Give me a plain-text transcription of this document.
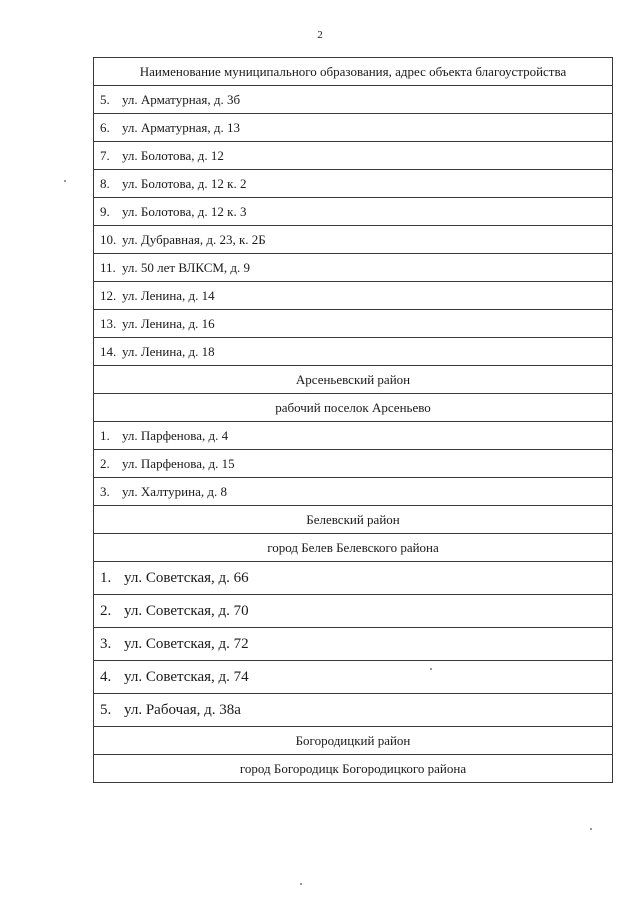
2
Наименование муниципального образования, адрес объекта благоустройства
5. ул. Арматурная, д. 3б
6. ул. Арматурная, д. 13
7. ул. Болотова, д. 12
8. ул. Болотова, д. 12 к. 2
9. ул. Болотова, д. 12 к. 3
10. ул. Дубравная, д. 23, к. 2Б
11. ул. 50 лет ВЛКСМ, д. 9
12. ул. Ленина, д. 14
13. ул. Ленина, д. 16
14. ул. Ленина, д. 18
Арсеньевский район
рабочий поселок Арсеньево
1. ул. Парфенова, д. 4
2. ул. Парфенова, д. 15
3. ул. Халтурина, д. 8
Белевский район
город Белев Белевского района
1. ул. Советская, д. 66
2. ул. Советская, д. 70
3. ул. Советская, д. 72
4. ул. Советская, д. 74
5. ул. Рабочая, д. 38а
Богородицкий район
город Богородицк Богородицкого района
